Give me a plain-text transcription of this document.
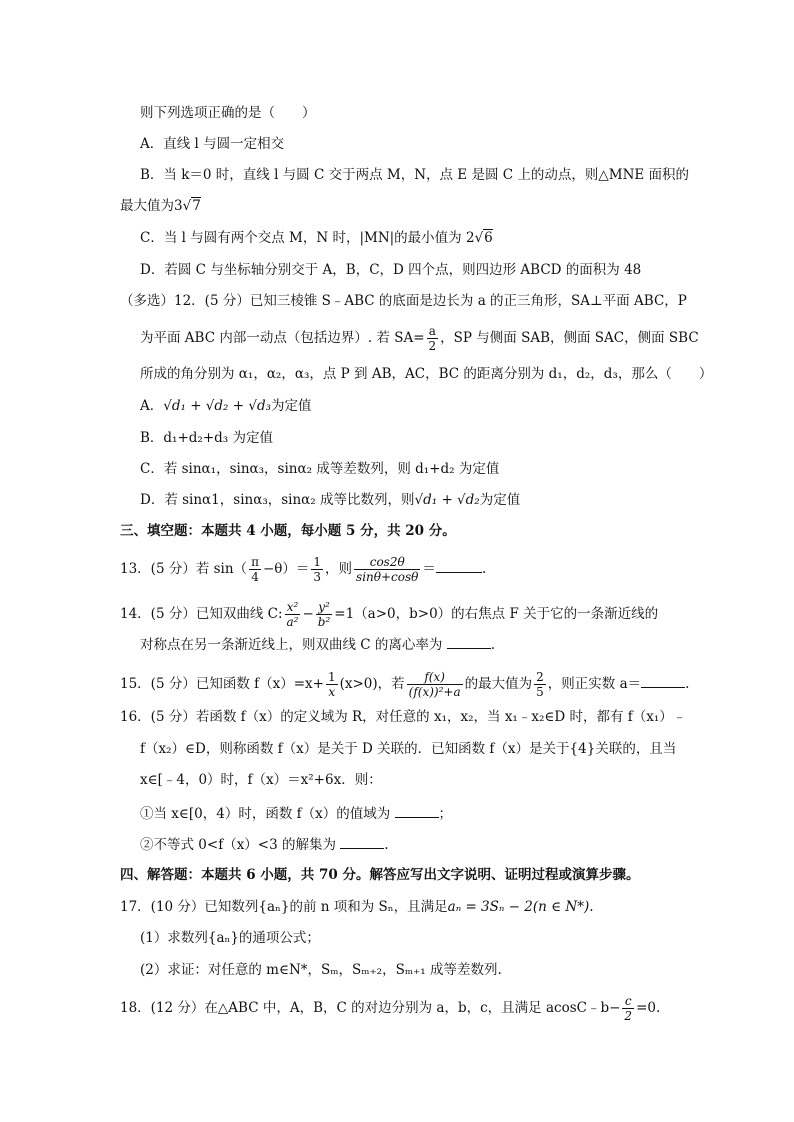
则下列选项正确的是（　　）
A．直线 l 与圆一定相交
B．当 k＝0 时，直线 l 与圆 C 交于两点 M，N，点 E 是圆 C 上的动点，则△MNE 面积的
最大值为3√7
C．当 l 与圆有两个交点 M，N 时，|MN|的最小值为 2√6
D．若圆 C 与坐标轴分别交于 A，B，C，D 四个点，则四边形 ABCD 的面积为 48
（多选）12．(5 分）已知三棱锥 S﹣ABC 的底面是边长为 a 的正三角形，SA⊥平面 ABC，P
为平面 ABC 内部一动点（包括边界）. 若 $SA= \frac{a}{2}$ ，SP 与侧面 SAB，侧面 SAC，侧面 SBC
所成的角分别为 α₁，α₂，α₃，点 P 到 AB，AC，BC 的距离分别为 d₁，d₂，d₃，那么（　　）
A．√d₁ + √d₂ + √d₃为定值
B．d₁+d₂+d₃ 为定值
C．若 sinα₁，sinα₃，sinα₂ 成等差数列，则 d₁+d₂ 为定值
D．若 sinα1，sinα₃，sinα₂ 成等比数列，则√d₁ + √d₂为定值
三、填空题：本题共 4 小题，每小题 5 分，共 20 分。
13．(5 分）若 $\sin( \frac{\pi}{4} -\theta)= \frac{1}{3}$ ，则 $\frac{\cos 2\theta}{\sin\theta+\cos\theta}$ ＝	.
14．(5 分）已知双曲线 C: $\frac{\text{x²}}{\text{a²}} - \frac{\text{y²}}{\text{b²}} =1(a>0$，b>0）的右焦点 F 关于它的一条渐近线的
对称点在另一条渐近线上，则双曲线 C 的离心率为	.
15．(5 分）已知函数 $f(x)=x+ \frac{1}{x} (x>0)$，若 $\frac{f(x)}{\text{(f(x))²+a}}$ 的最大值为 $\frac{2}{5}$ ，则正实数 a＝	.
16．(5 分）若函数 f（x）的定义域为 R，对任意的 x₁，x₂，当 x₁﹣x₂∈D 时，都有 f（x₁）﹣
f（x₂）∈D，则称函数 f（x）是关于 D 关联的．已知函数 f（x）是关于{4}关联的，且当
x∈[﹣4，0）时，f（x）＝x²+6x．则：
①当 x∈[0，4）时，函数 f（x）的值域为	；
②不等式 0<f（x）<3 的解集为	.
四、解答题：本题共 6 小题，共 70 分。解答应写出文字说明、证明过程或演算步骤。
17．(10 分）已知数列{aₙ}的前 n 项和为 Sₙ，且满足aₙ = 3Sₙ − 2(n ∈ N*).
(1）求数列{aₙ}的通项公式；
(2）求证：对任意的 m∈N*，Sₘ，Sₘ₊₂，Sₘ₊₁ 成等差数列.
18．(12 分）在△ABC 中，A，B，C 的对边分别为 a，b，c，且满足 acosC﹣b− $\frac{c}{2} =0$.
